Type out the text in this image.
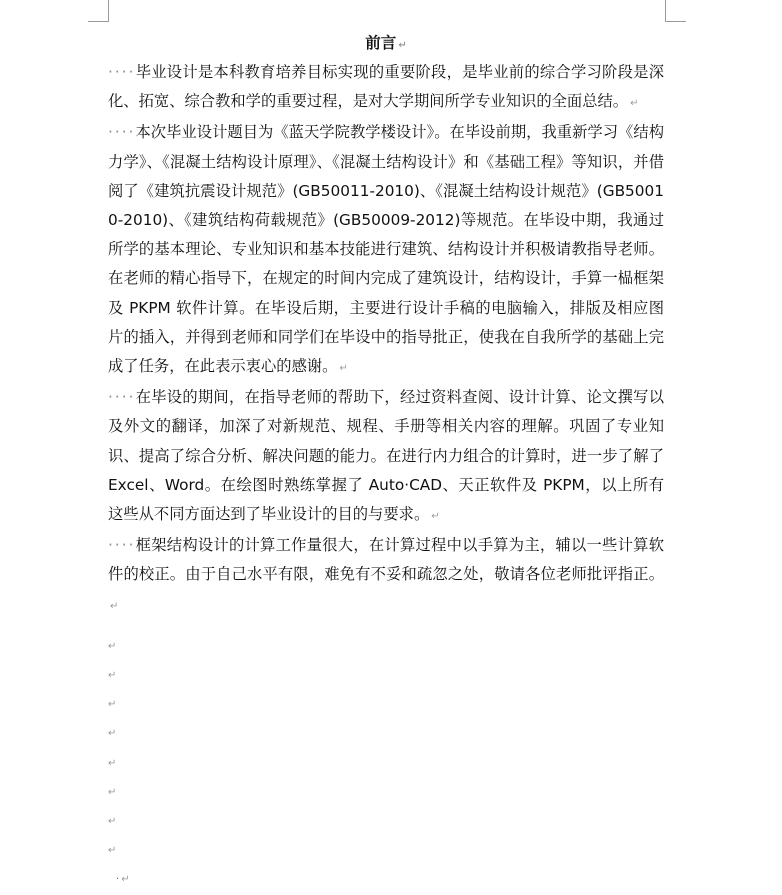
前言 ↵

····毕业设计是本科教育培养目标实现的重要阶段，是毕业前的综合学习阶段是深化、拓宽、综合教和学的重要过程，是对大学期间所学专业知识的全面总结。 ↵

····本次毕业设计题目为《蓝天学院教学楼设计》。在毕设前期，我重新学习《结构力学》、《混凝土结构设计原理》、《混凝土结构设计》和《基础工程》等知识，并借阅了《建筑抗震设计规范》(GB50011-2010)、《混凝土结构设计规范》(GB50010-2010)、《建筑结构荷载规范》(GB50009-2012)等规范。在毕设中期，我通过所学的基本理论、专业知识和基本技能进行建筑、结构设计并积极请教指导老师。在老师的精心指导下，在规定的时间内完成了建筑设计，结构设计，手算一榀框架及 PKPM 软件计算。在毕设后期，主要进行设计手稿的电脑输入，排版及相应图片的插入，并得到老师和同学们在毕设中的指导批正，使我在自我所学的基础上完成了任务，在此表示衷心的感谢。 ↵

····在毕设的期间，在指导老师的帮助下，经过资料查阅、设计计算、论文撰写以及外文的翻译，加深了对新规范、规程、手册等相关内容的理解。巩固了专业知识、提高了综合分析、解决问题的能力。在进行内力组合的计算时，进一步了解了 Excel、Word。在绘图时熟练掌握了 Auto·CAD、天正软件及 PKPM，以上所有这些从不同方面达到了毕业设计的目的与要求。 ↵

····框架结构设计的计算工作量很大，在计算过程中以手算为主，辅以一些计算软件的校正。由于自己水平有限，难免有不妥和疏忽之处，敬请各位老师批评指正。↵

↵
↵
↵
↵
↵
↵
↵
↵
· ↵
